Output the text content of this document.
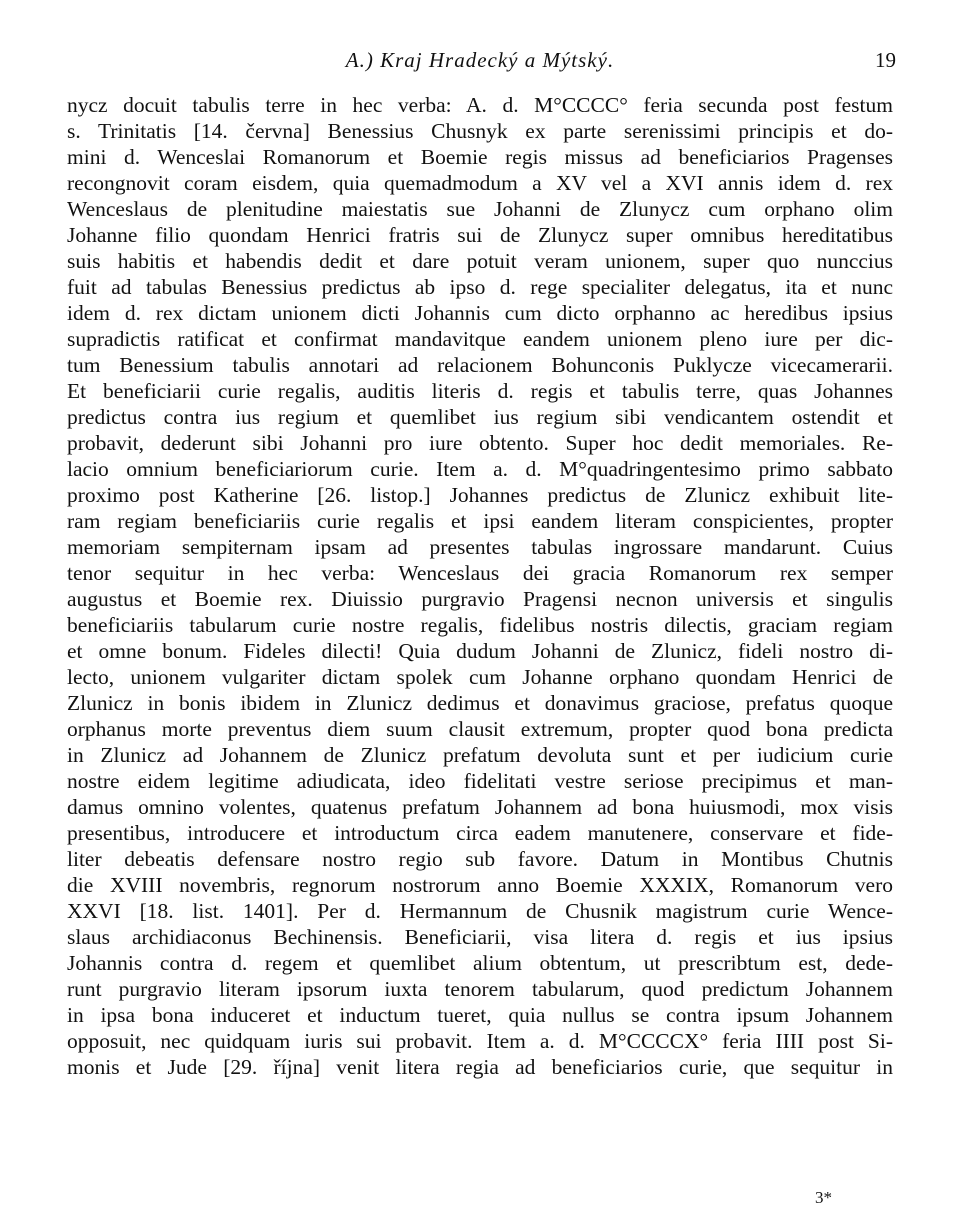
A.) Kraj Hradecký a Mýtský.	19
nycz docuit tabulis terre in hec verba: A. d. M°CCCC° feria secunda post festum
s. Trinitatis [14. června] Benessius Chusnyk ex parte serenissimi principis et do-
mini d. Wenceslai Romanorum et Boemie regis missus ad beneficiarios Pragenses
recongnovit coram eisdem, quia quemadmodum a XV vel a XVI annis idem d. rex
Wenceslaus de plenitudine maiestatis sue Johanni de Zlunycz cum orphano olim
Johanne filio quondam Henrici fratris sui de Zlunycz super omnibus hereditatibus
suis habitis et habendis dedit et dare potuit veram unionem, super quo nunccius
fuit ad tabulas Benessius predictus ab ipso d. rege specialiter delegatus, ita et nunc
idem d. rex dictam unionem dicti Johannis cum dicto orphanno ac heredibus ipsius
supradictis ratificat et confirmat mandavitque eandem unionem pleno iure per dic-
tum Benessium tabulis annotari ad relacionem Bohunconis Puklycze vicecamerarii.
Et beneficiarii curie regalis, auditis literis d. regis et tabulis terre, quas Johannes
predictus contra ius regium et quemlibet ius regium sibi vendicantem ostendit et
probavit, dederunt sibi Johanni pro iure obtento. Super hoc dedit memoriales. Re-
lacio omnium beneficiariorum curie. Item a. d. M°quadringentesimo primo sabbato
proximo post Katherine [26. listop.] Johannes predictus de Zlunicz exhibuit lite-
ram regiam beneficiariis curie regalis et ipsi eandem literam conspicientes, propter
memoriam sempiternam ipsam ad presentes tabulas ingrossare mandarunt. Cuius
tenor sequitur in hec verba: Wenceslaus dei gracia Romanorum rex semper
augustus et Boemie rex. Diuissio purgravio Pragensi necnon universis et singulis
beneficiariis tabularum curie nostre regalis, fidelibus nostris dilectis, graciam regiam
et omne bonum. Fideles dilecti! Quia dudum Johanni de Zlunicz, fideli nostro di-
lecto, unionem vulgariter dictam spolek cum Johanne orphano quondam Henrici de
Zlunicz in bonis ibidem in Zlunicz dedimus et donavimus graciose, prefatus quoque
orphanus morte preventus diem suum clausit extremum, propter quod bona predicta
in Zlunicz ad Johannem de Zlunicz prefatum devoluta sunt et per iudicium curie
nostre eidem legitime adiudicata, ideo fidelitati vestre seriose precipimus et man-
damus omnino volentes, quatenus prefatum Johannem ad bona huiusmodi, mox visis
presentibus, introducere et introductum circa eadem manutenere, conservare et fide-
liter debeatis defensare nostro regio sub favore. Datum in Montibus Chutnis
die XVIII novembris, regnorum nostrorum anno Boemie XXXIX, Romanorum vero
XXVI [18. list. 1401]. Per d. Hermannum de Chusnik magistrum curie Wence-
slaus archidiaconus Bechinensis. Beneficiarii, visa litera d. regis et ius ipsius
Johannis contra d. regem et quemlibet alium obtentum, ut prescribtum est, dede-
runt purgravio literam ipsorum iuxta tenorem tabularum, quod predictum Johannem
in ipsa bona induceret et inductum tueret, quia nullus se contra ipsum Johannem
opposuit, nec quidquam iuris sui probavit. Item a. d. M°CCCCX° feria IIII post Si-
monis et Jude [29. října] venit litera regia ad beneficiarios curie, que sequitur in
3*
